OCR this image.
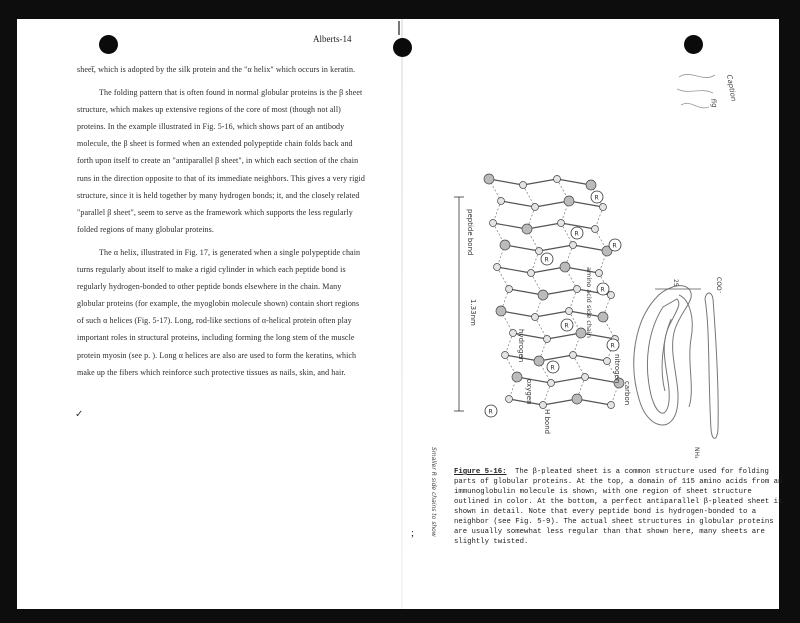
Alberts-14

sheet̅, which is adopted by the silk protein and the "α helix" which occurs in keratin.

The folding pattern that is often found in normal globular proteins is the β sheet structure, which makes up extensive regions of the core of most (though not all) proteins. In the example illustrated in Fig. 5-16, which shows part of an antibody molecule, the β sheet is formed when an extended polypeptide chain folds back and forth upon itself to create an "antiparallel β sheet", in which each section of the chain runs in the direction opposite to that of its immediate neighbors. This gives a very rigid structure, since it is held together by many hydrogen bonds; it, and the closely related "parallel β sheet", seem to serve as the framework which supports the less regularly folded regions of many globular proteins.

The α helix, illustrated in Fig. 17, is generated when a single polypeptide chain turns regularly about itself to make a rigid cylinder in which each peptide bond is regularly hydrogen-bonded to other peptide bonds elsewhere in the chain. Many globular proteins (for example, the myoglobin molecule shown) contain short regions of such α helices (Fig. 5-17). Long, rod-like sections of α-helical protein often play important roles in structural proteins, including forming the long stem of the muscle protein myosin (see p. ). Long α helices are also are used to form the keratins, which make up the fibers which reinforce such protective tissues as nails, skin, and hair.

✓
;
R
R
R
R
R
R
R
R
R
peptide bond
1.33nm
hydrogen
oxygen
amino acid side chain
nitrogen
carbon
H bond
25
NH₃
COO⁻
Smaller R side chains to show
Caption
fig
Figure 5-16: The β-pleated sheet is a common structure used for folding parts of globular proteins. At the top, a domain of 115 amino acids from an immunoglobulin molecule is shown, with one region of sheet structure outlined in color. At the bottom, a perfect antiparallel β-pleated sheet is shown in detail. Note that every peptide bond is hydrogen-bonded to a neighbor (see Fig. 5-9). The actual sheet structures in globular proteins are usually somewhat less regular than that shown here, many sheets are slightly twisted.
